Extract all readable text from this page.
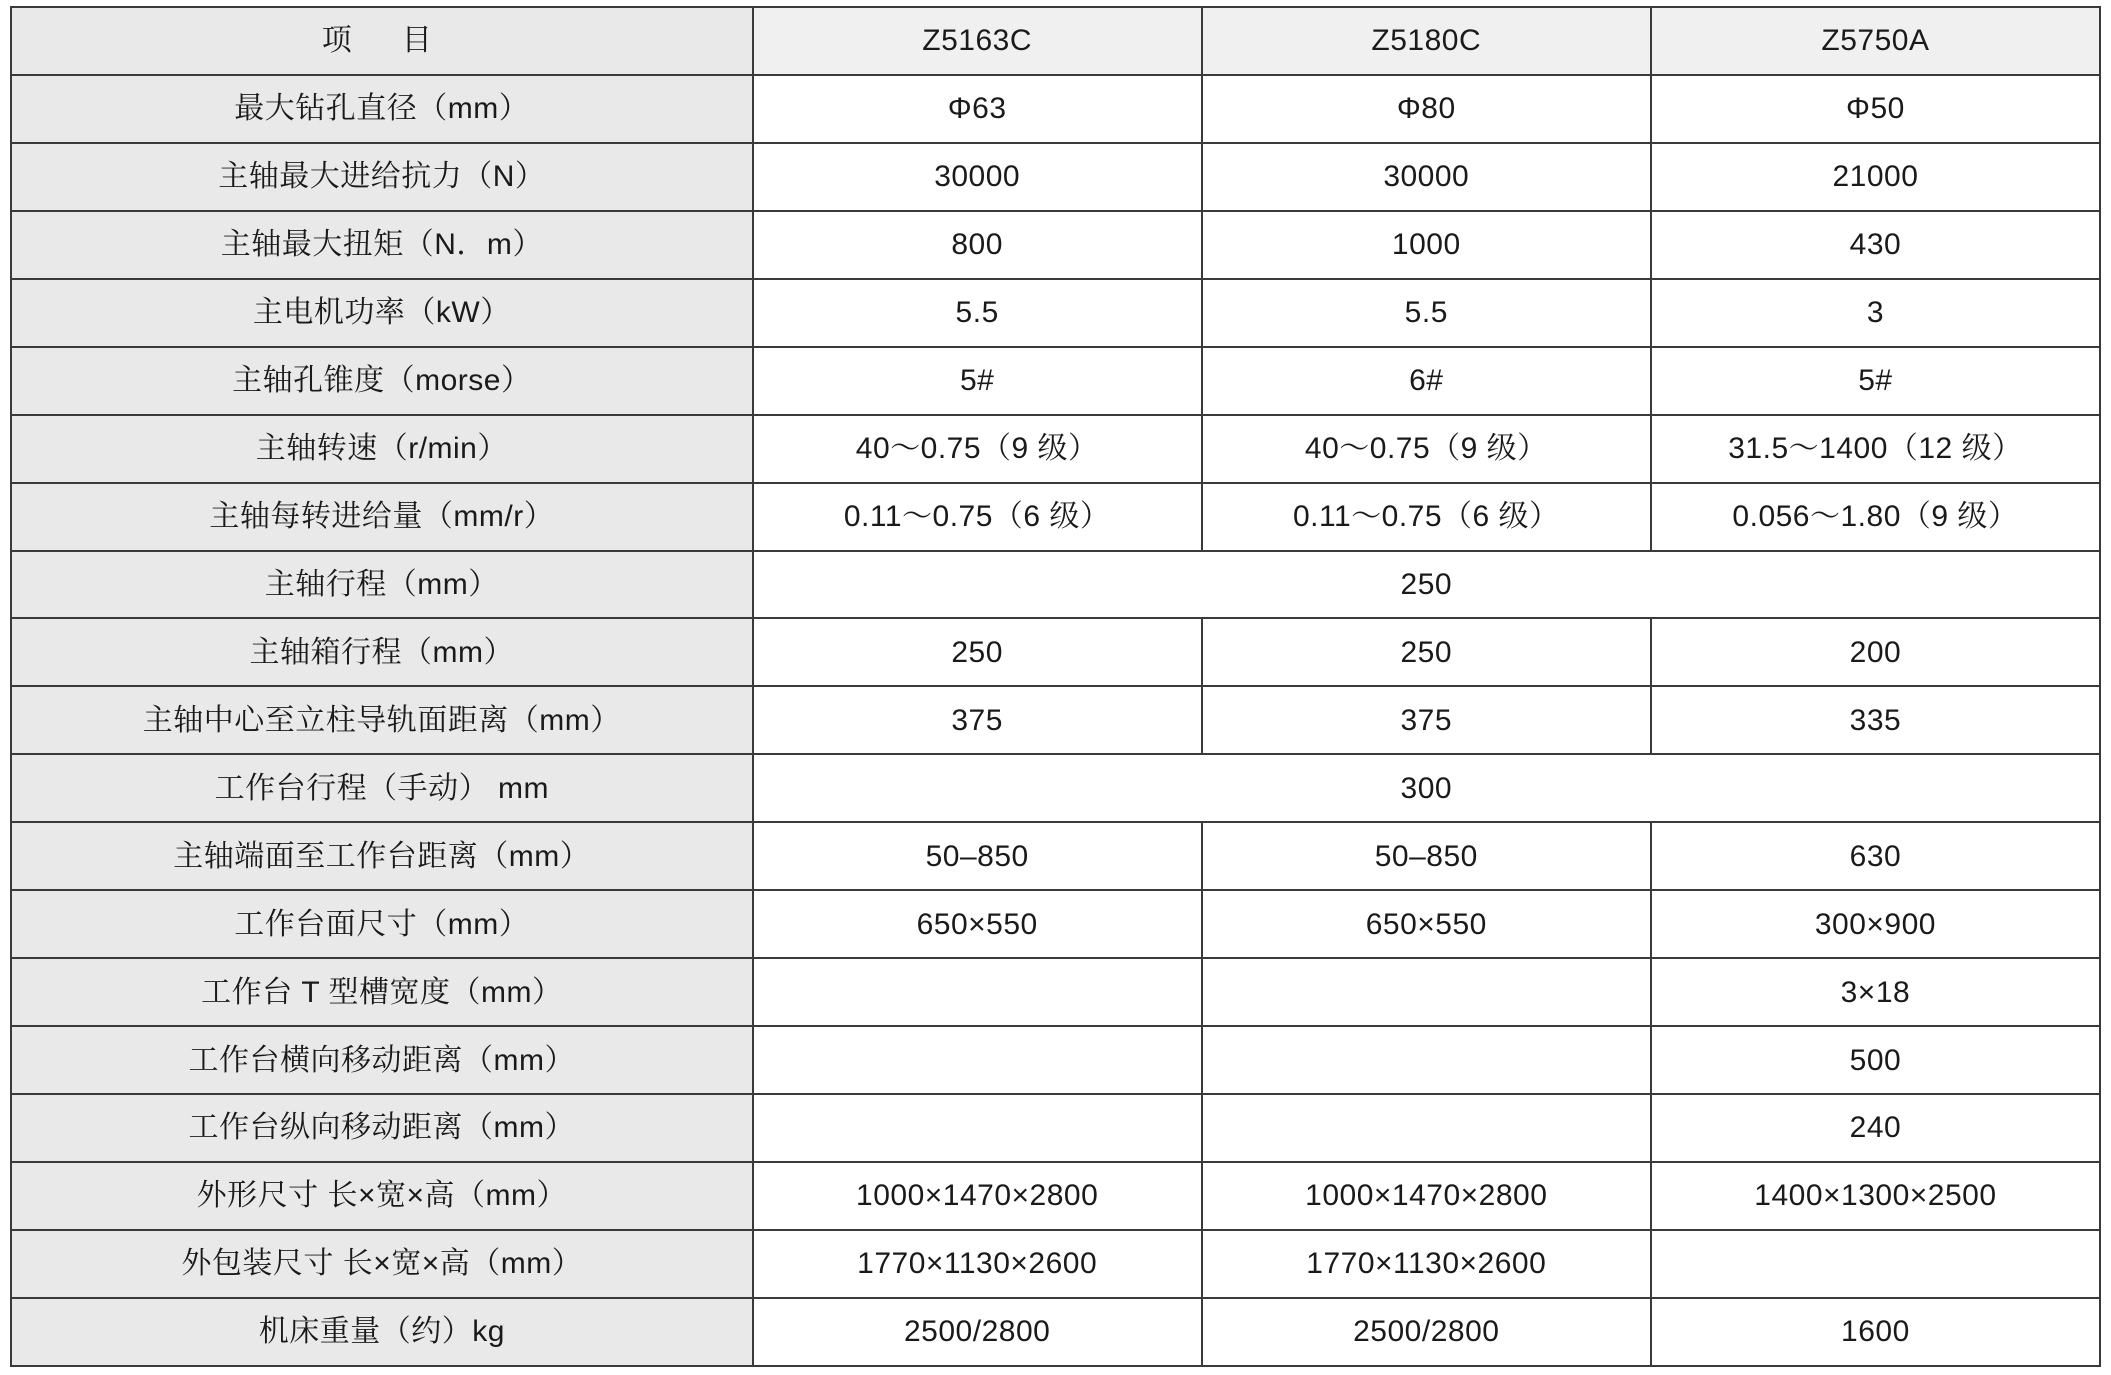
项　目	Z5163C	Z5180C	Z5750A
最大钻孔直径（mm）	Φ63	Φ80	Φ50
主轴最大进给抗力（N）	30000	30000	21000
主轴最大扭矩（N．m）	800	1000	430
主电机功率（kW）	5.5	5.5	3
主轴孔锥度（morse）	5#	6#	5#
主轴转速（r/min）	40～0.75（9 级）	40～0.75（9 级）	31.5～1400（12 级）
主轴每转进给量（mm/r）	0.11～0.75（6 级）	0.11～0.75（6 级）	0.056～1.80（9 级）
主轴行程（mm）	250		
主轴箱行程（mm）	250	250	200
主轴中心至立柱导轨面距离（mm）	375	375	335
工作台行程（手动） mm	300		
主轴端面至工作台距离（mm）	50–850	50–850	630
工作台面尺寸（mm）	650×550	650×550	300×900
工作台 T 型槽宽度（mm）			3×18
工作台横向移动距离（mm）			500
工作台纵向移动距离（mm）			240
外形尺寸 长×宽×高（mm）	1000×1470×2800	1000×1470×2800	1400×1300×2500
外包装尺寸 长×宽×高（mm）	1770×1130×2600	1770×1130×2600	
机床重量（约）kg	2500/2800	2500/2800	1600
